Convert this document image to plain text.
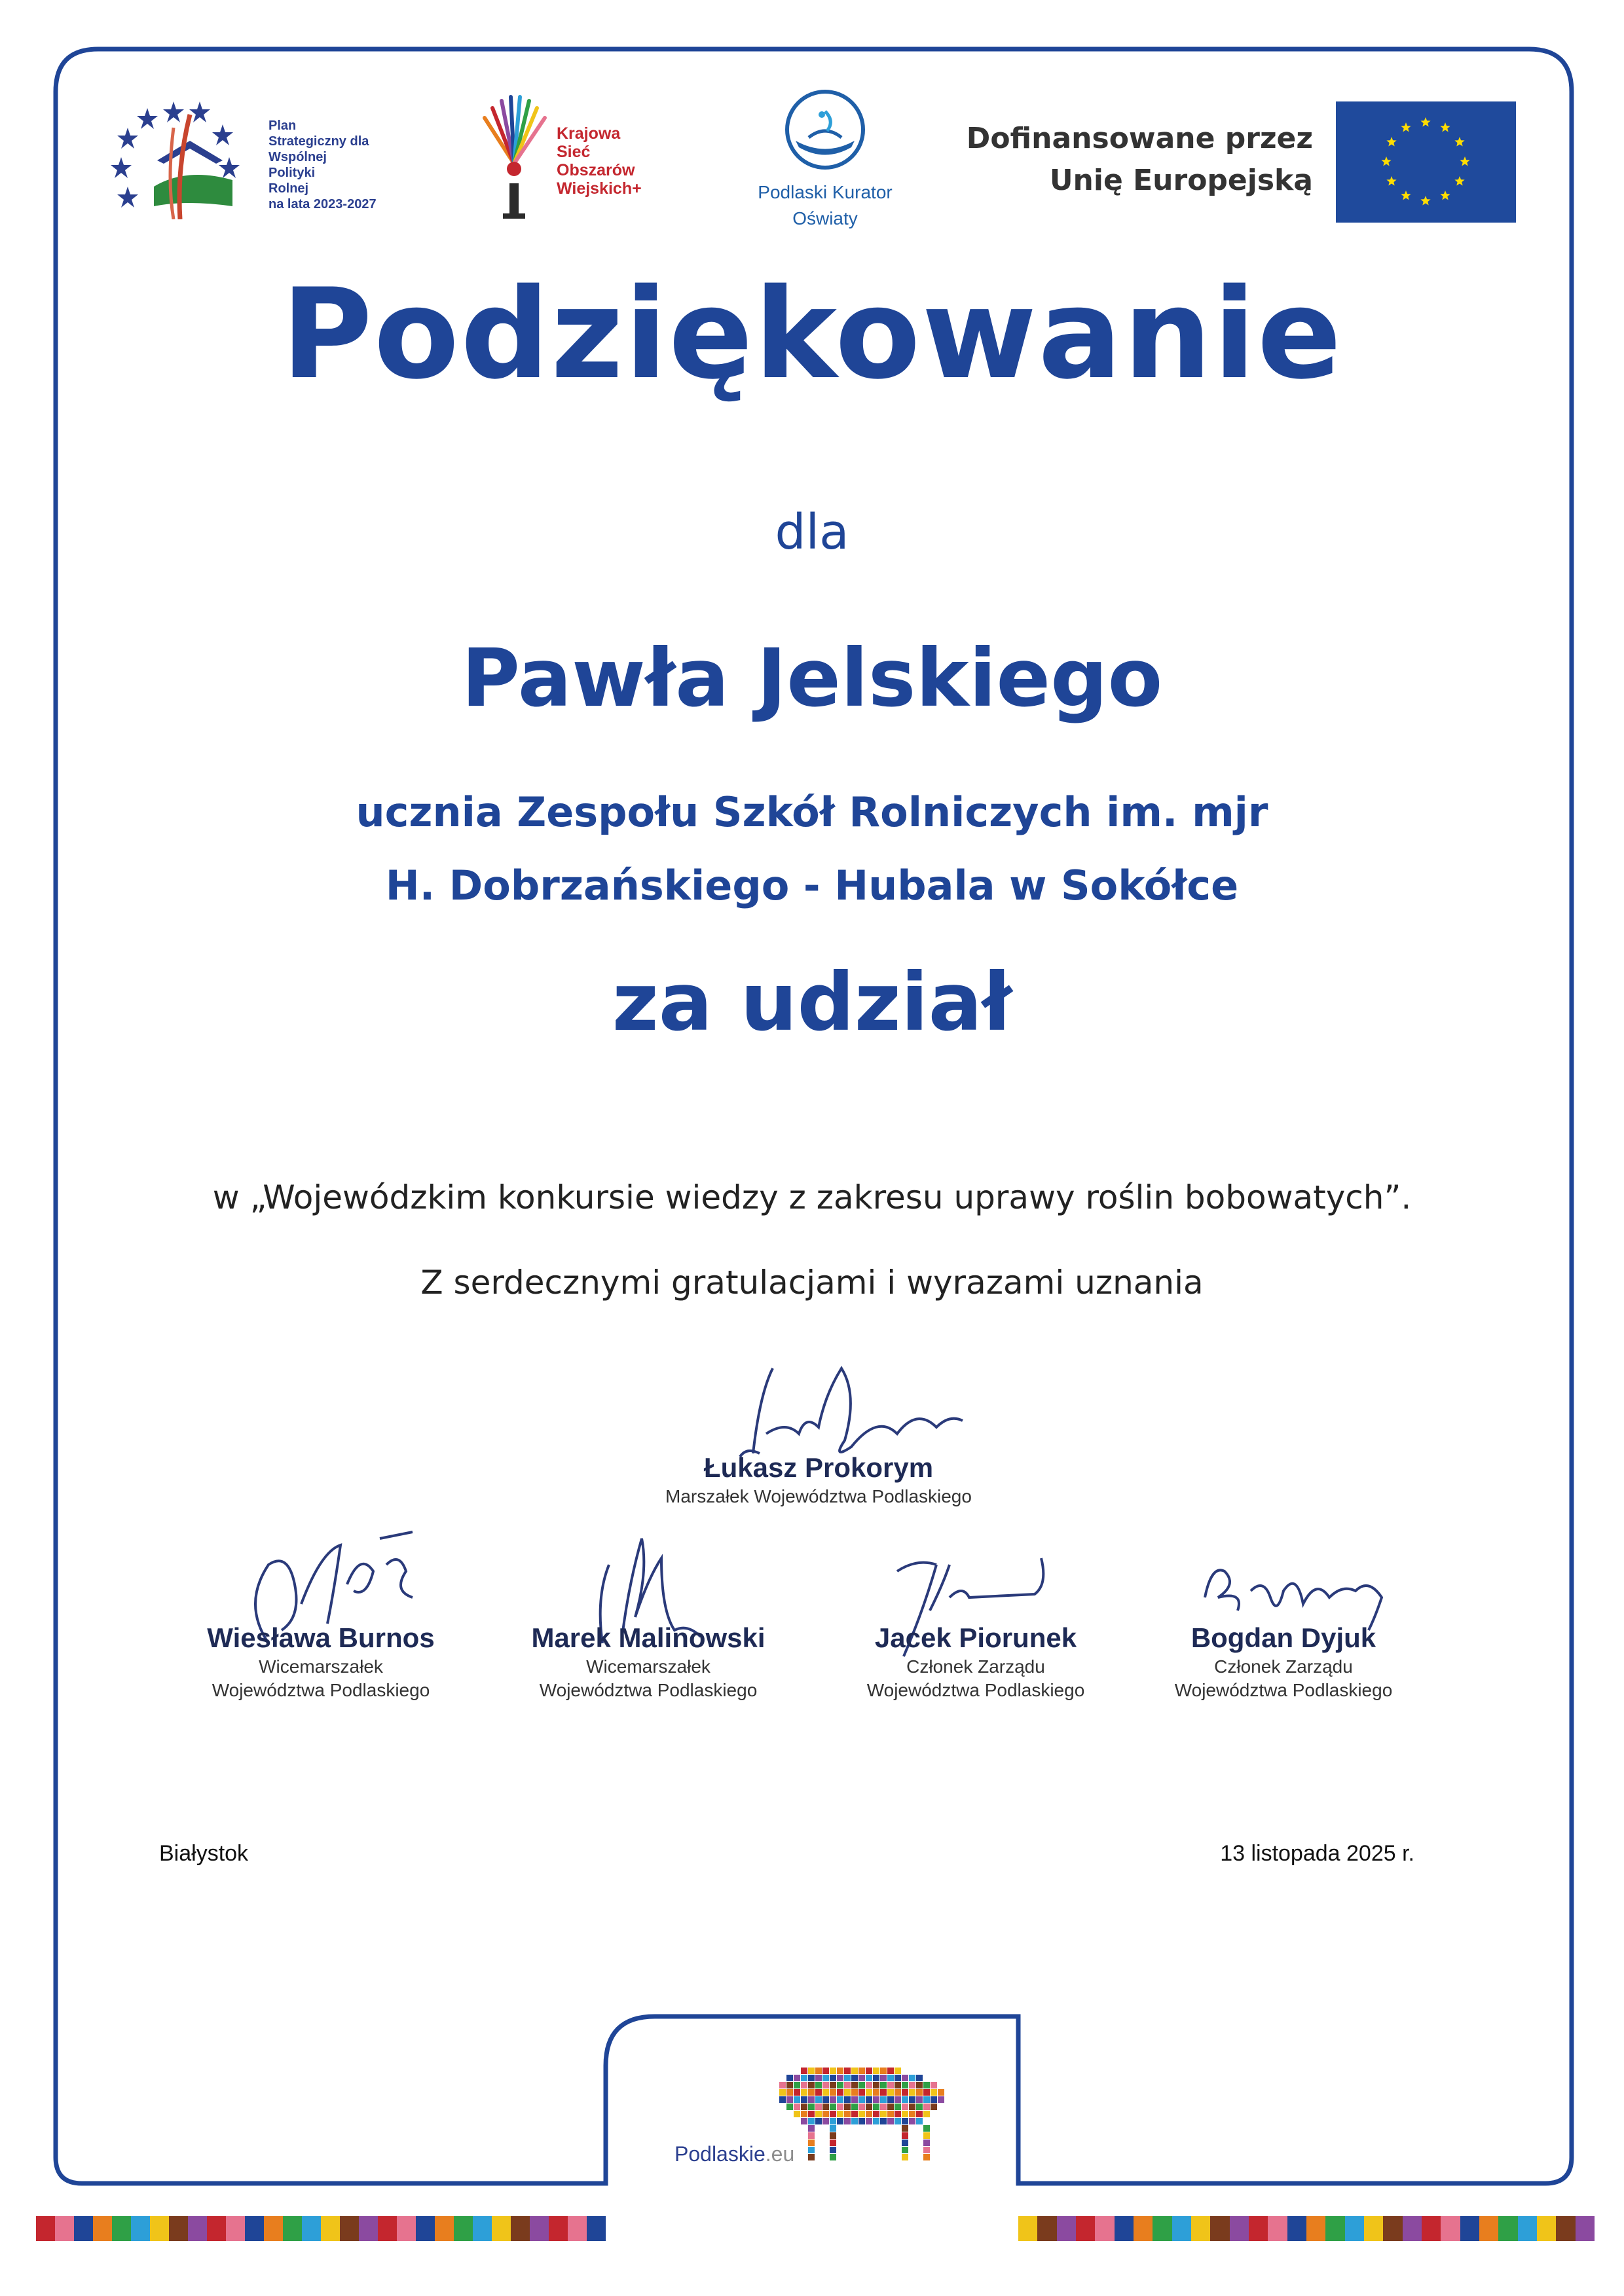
Plan
Strategiczny dla
Wspólnej
Polityki
Rolnej
na lata 2023-2027
Krajowa
Sieć
Obszarów
Wiejskich+	Podlaski Kurator
Oświaty
Dofinansowane przez
Unię Europejską
Podziękowanie
dla
Pawła Jelskiego
ucznia Zespołu Szkół Rolniczych im. mjr
H. Dobrzańskiego - Hubala w Sokółce
za udział
w „Wojewódzkim konkursie wiedzy z zakresu uprawy roślin bobowatych”.
Z serdecznymi gratulacjami i wyrazami uznania
Łukasz Prokorym
Marszałek Województwa Podlaskiego
Wiesława Burnos
Wicemarszałek
Województwa Podlaskiego
Marek Malinowski
Wicemarszałek
Województwa Podlaskiego
Jacek Piorunek
Członek Zarządu
Województwa Podlaskiego
Bogdan Dyjuk
Członek Zarządu
Województwa Podlaskiego
Białystok	13 listopada 2025 r.
Podlaskie.eu
